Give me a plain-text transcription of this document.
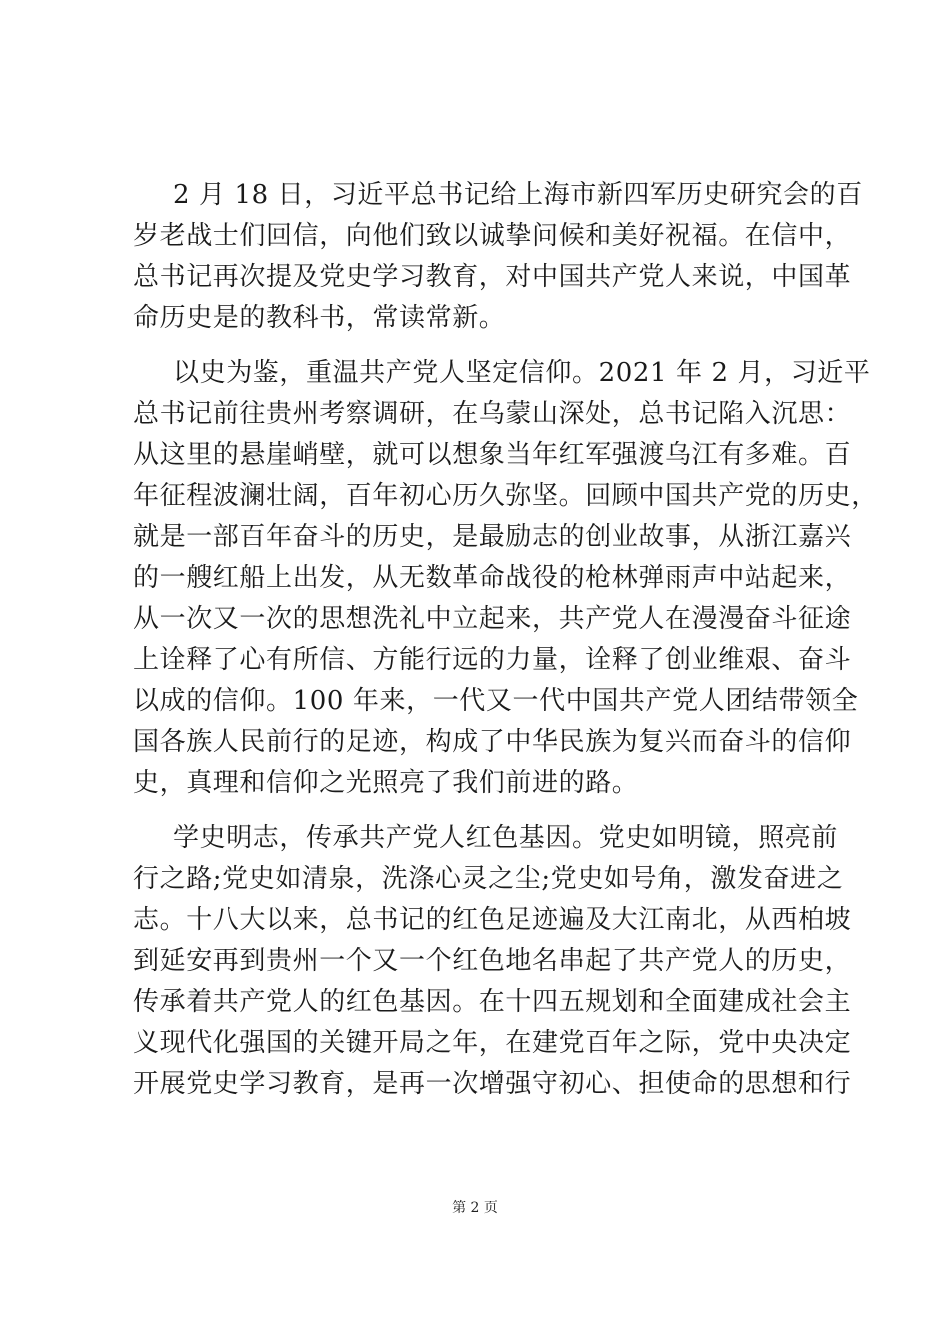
2 月 18 日，习近平总书记给上海市新四军历史研究会的百
岁老战士们回信，向他们致以诚挚问候和美好祝福。在信中，
总书记再次提及党史学习教育，对中国共产党人来说，中国革
命历史是的教科书，常读常新。
以史为鉴，重温共产党人坚定信仰。2021 年 2 月，习近平
总书记前往贵州考察调研，在乌蒙山深处，总书记陷入沉思：
从这里的悬崖峭壁，就可以想象当年红军强渡乌江有多难。百
年征程波澜壮阔，百年初心历久弥坚。回顾中国共产党的历史，
就是一部百年奋斗的历史，是最励志的创业故事，从浙江嘉兴
的一艘红船上出发，从无数革命战役的枪林弹雨声中站起来，
从一次又一次的思想洗礼中立起来，共产党人在漫漫奋斗征途
上诠释了心有所信、方能行远的力量，诠释了创业维艰、奋斗
以成的信仰。100 年来，一代又一代中国共产党人团结带领全
国各族人民前行的足迹，构成了中华民族为复兴而奋斗的信仰
史，真理和信仰之光照亮了我们前进的路。
学史明志，传承共产党人红色基因。党史如明镜，照亮前
行之路;党史如清泉，洗涤心灵之尘;党史如号角，激发奋进之
志。十八大以来，总书记的红色足迹遍及大江南北，从西柏坡
到延安再到贵州一个又一个红色地名串起了共产党人的历史，
传承着共产党人的红色基因。在十四五规划和全面建成社会主
义现代化强国的关键开局之年，在建党百年之际，党中央决定
开展党史学习教育，是再一次增强守初心、担使命的思想和行
第 2 页
